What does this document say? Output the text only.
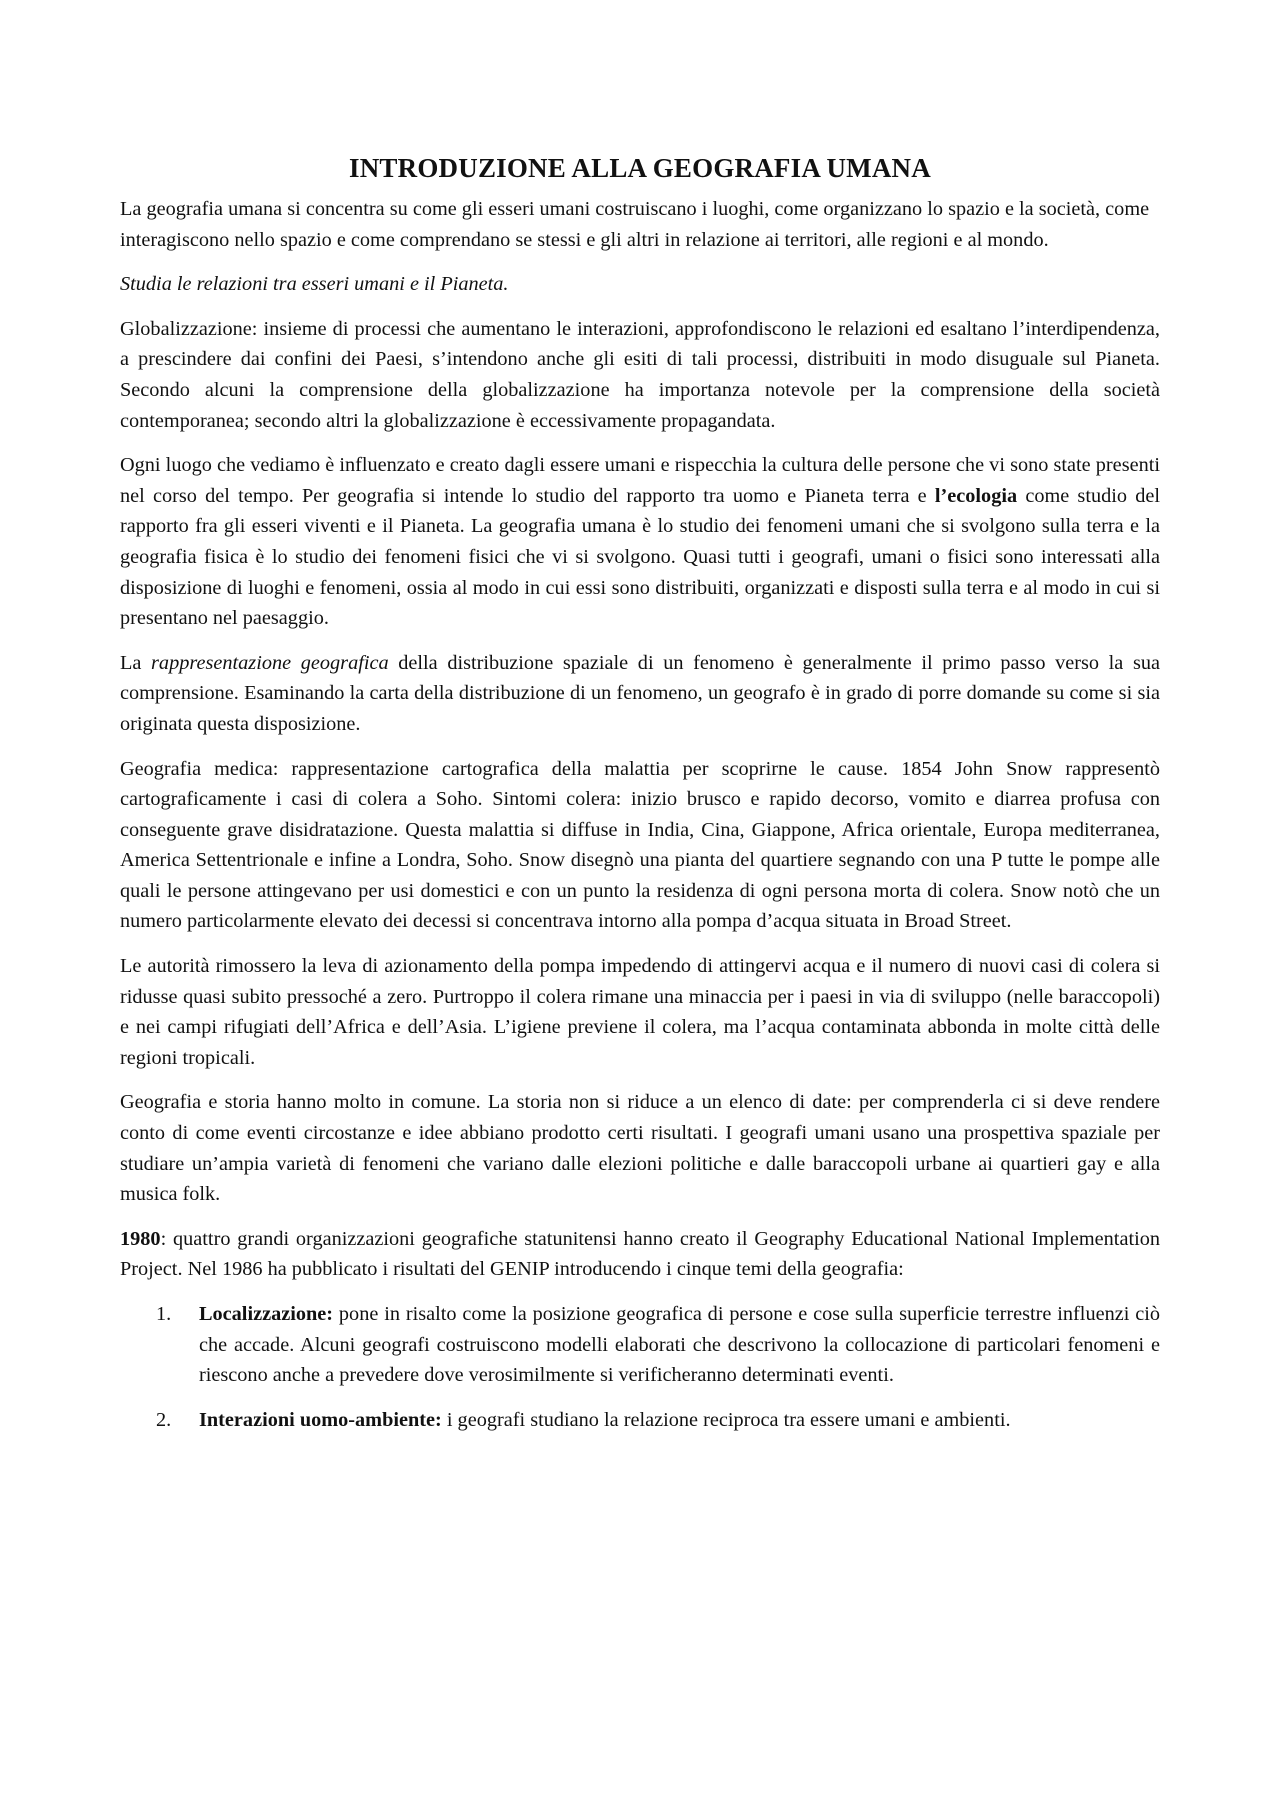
INTRODUZIONE ALLA GEOGRAFIA UMANA

La geografia umana si concentra su come gli esseri umani costruiscano i luoghi, come organizzano lo spazio e la società, come interagiscono nello spazio e come comprendano se stessi e gli altri in relazione ai territori, alle regioni e al mondo.

Studia le relazioni tra esseri umani e il Pianeta.

Globalizzazione: insieme di processi che aumentano le interazioni, approfondiscono le relazioni ed esaltano l’interdipendenza, a prescindere dai confini dei Paesi, s’intendono anche gli esiti di tali processi, distribuiti in modo disuguale sul Pianeta. Secondo alcuni la comprensione della globalizzazione ha importanza notevole per la comprensione della società contemporanea; secondo altri la globalizzazione è eccessivamente propagandata.

Ogni luogo che vediamo è influenzato e creato dagli essere umani e rispecchia la cultura delle persone che vi sono state presenti nel corso del tempo. Per geografia si intende lo studio del rapporto tra uomo e Pianeta terra e l’ecologia come studio del rapporto fra gli esseri viventi e il Pianeta. La geografia umana è lo studio dei fenomeni umani che si svolgono sulla terra e la geografia fisica è lo studio dei fenomeni fisici che vi si svolgono. Quasi tutti i geografi, umani o fisici sono interessati alla disposizione di luoghi e fenomeni, ossia al modo in cui essi sono distribuiti, organizzati e disposti sulla terra e al modo in cui si presentano nel paesaggio.

La rappresentazione geografica della distribuzione spaziale di un fenomeno è generalmente il primo passo verso la sua comprensione. Esaminando la carta della distribuzione di un fenomeno, un geografo è in grado di porre domande su come si sia originata questa disposizione.

Geografia medica: rappresentazione cartografica della malattia per scoprirne le cause. 1854 John Snow rappresentò cartograficamente i casi di colera a Soho. Sintomi colera: inizio brusco e rapido decorso, vomito e diarrea profusa con conseguente grave disidratazione. Questa malattia si diffuse in India, Cina, Giappone, Africa orientale, Europa mediterranea, America Settentrionale e infine a Londra, Soho. Snow disegnò una pianta del quartiere segnando con una P tutte le pompe alle quali le persone attingevano per usi domestici e con un punto la residenza di ogni persona morta di colera. Snow notò che un numero particolarmente elevato dei decessi si concentrava intorno alla pompa d’acqua situata in Broad Street.

Le autorità rimossero la leva di azionamento della pompa impedendo di attingervi acqua e il numero di nuovi casi di colera si ridusse quasi subito pressoché a zero. Purtroppo il colera rimane una minaccia per i paesi in via di sviluppo (nelle baraccopoli) e nei campi rifugiati dell’Africa e dell’Asia. L’igiene previene il colera, ma l’acqua contaminata abbonda in molte città delle regioni tropicali.

Geografia e storia hanno molto in comune. La storia non si riduce a un elenco di date: per comprenderla ci si deve rendere conto di come eventi circostanze e idee abbiano prodotto certi risultati. I geografi umani usano una prospettiva spaziale per studiare un’ampia varietà di fenomeni che variano dalle elezioni politiche e dalle baraccopoli urbane ai quartieri gay e alla musica folk.

1980: quattro grandi organizzazioni geografiche statunitensi hanno creato il Geography Educational National Implementation Project. Nel 1986 ha pubblicato i risultati del GENIP introducendo i cinque temi della geografia:

1. Localizzazione: pone in risalto come la posizione geografica di persone e cose sulla superficie terrestre influenzi ciò che accade. Alcuni geografi costruiscono modelli elaborati che descrivono la collocazione di particolari fenomeni e riescono anche a prevedere dove verosimilmente si verificheranno determinati eventi.
2. Interazioni uomo-ambiente: i geografi studiano la relazione reciproca tra essere umani e ambienti.
